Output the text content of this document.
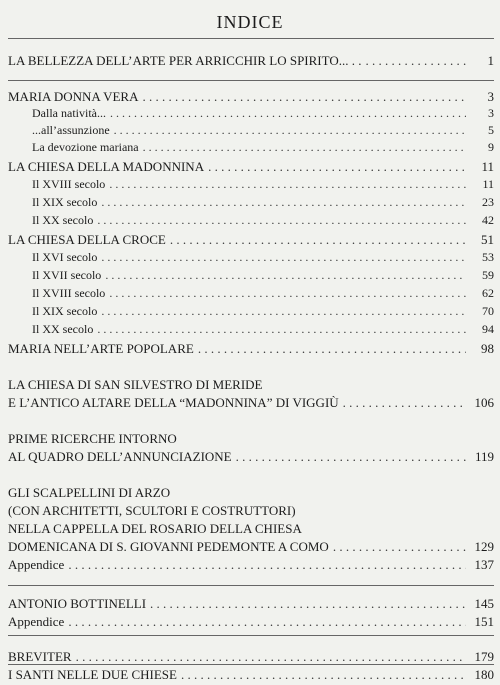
INDICE
LA BELLEZZA DELL’ARTE PER ARRICCHIR LO SPIRITO... . . . . .	1
MARIA DONNA VERA . . .	3
Dalla natività... . . .	3
...all’assunzione . . .	5
La devozione mariana . . .	9
LA CHIESA DELLA MADONNINA . . .	11
Il XVIII secolo . . .	11
Il XIX secolo . . .	23
Il XX secolo . . .	42
LA CHIESA DELLA CROCE . . .	51
Il XVI secolo . . .	53
Il XVII secolo . . .	59
Il XVIII secolo . . .	62
Il XIX secolo . . .	70
Il XX secolo . . .	94
MARIA NELL’ARTE POPOLARE . . .	98
LA CHIESA DI SAN SILVESTRO DI MERIDE
E L’ANTICO ALTARE DELLA “MADONNINA” DI VIGGIÙ . . .	106
PRIME RICERCHE INTORNO
AL QUADRO DELL’ANNUNCIAZIONE . . .	119
GLI SCALPELLINI DI ARZO
(CON ARCHITETTI, SCULTORI E COSTRUTTORI)
NELLA CAPPELLA DEL ROSARIO DELLA CHIESA
DOMENICANA DI S. GIOVANNI PEDEMONTE A COMO . . .	129
Appendice . . .	137
ANTONIO BOTTINELLI . . .	145
Appendice . . .	151
BREVITER . . .	179
I SANTI NELLE DUE CHIESE . . .	180
